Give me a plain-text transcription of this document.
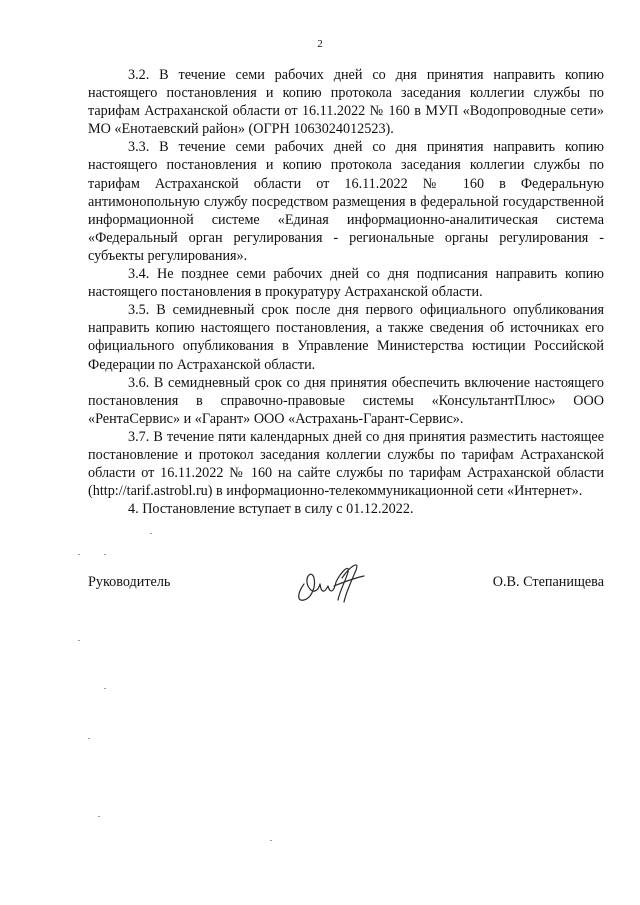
2

3.2. В течение семи рабочих дней со дня принятия направить копию настоящего постановления и копию протокола заседания коллегии службы по тарифам Астраханской области от 16.11.2022 № 160 в МУП «Водопроводные сети» МО «Енотаевский район» (ОГРН 1063024012523).

3.3. В течение семи рабочих дней со дня принятия направить копию настоящего постановления и копию протокола заседания коллегии службы по тарифам Астраханской области от 16.11.2022 № 160 в Федеральную антимонопольную службу посредством размещения в федеральной государственной информационной системе «Единая информационно-аналитическая система «Федеральный орган регулирования - региональные органы регулирования - субъекты регулирования».

3.4. Не позднее семи рабочих дней со дня подписания направить копию настоящего постановления в прокуратуру Астраханской области.

3.5. В семидневный срок после дня первого официального опубликования направить копию настоящего постановления, а также сведения об источниках его официального опубликования в Управление Министерства юстиции Российской Федерации по Астраханской области.

3.6. В семидневный срок со дня принятия обеспечить включение настоящего постановления в справочно-правовые системы «КонсультантПлюс» ООО «РентаСервис» и «Гарант» ООО «Астрахань-Гарант-Сервис».

3.7. В течение пяти календарных дней со дня принятия разместить настоящее постановление и протокол заседания коллегии службы по тарифам Астраханской области от 16.11.2022 № 160 на сайте службы по тарифам Астраханской области (http://tarif.astrobl.ru) в информационно-телекоммуникационной сети «Интернет».

4. Постановление вступает в силу с 01.12.2022.

Руководитель	О.В. Степанищева
